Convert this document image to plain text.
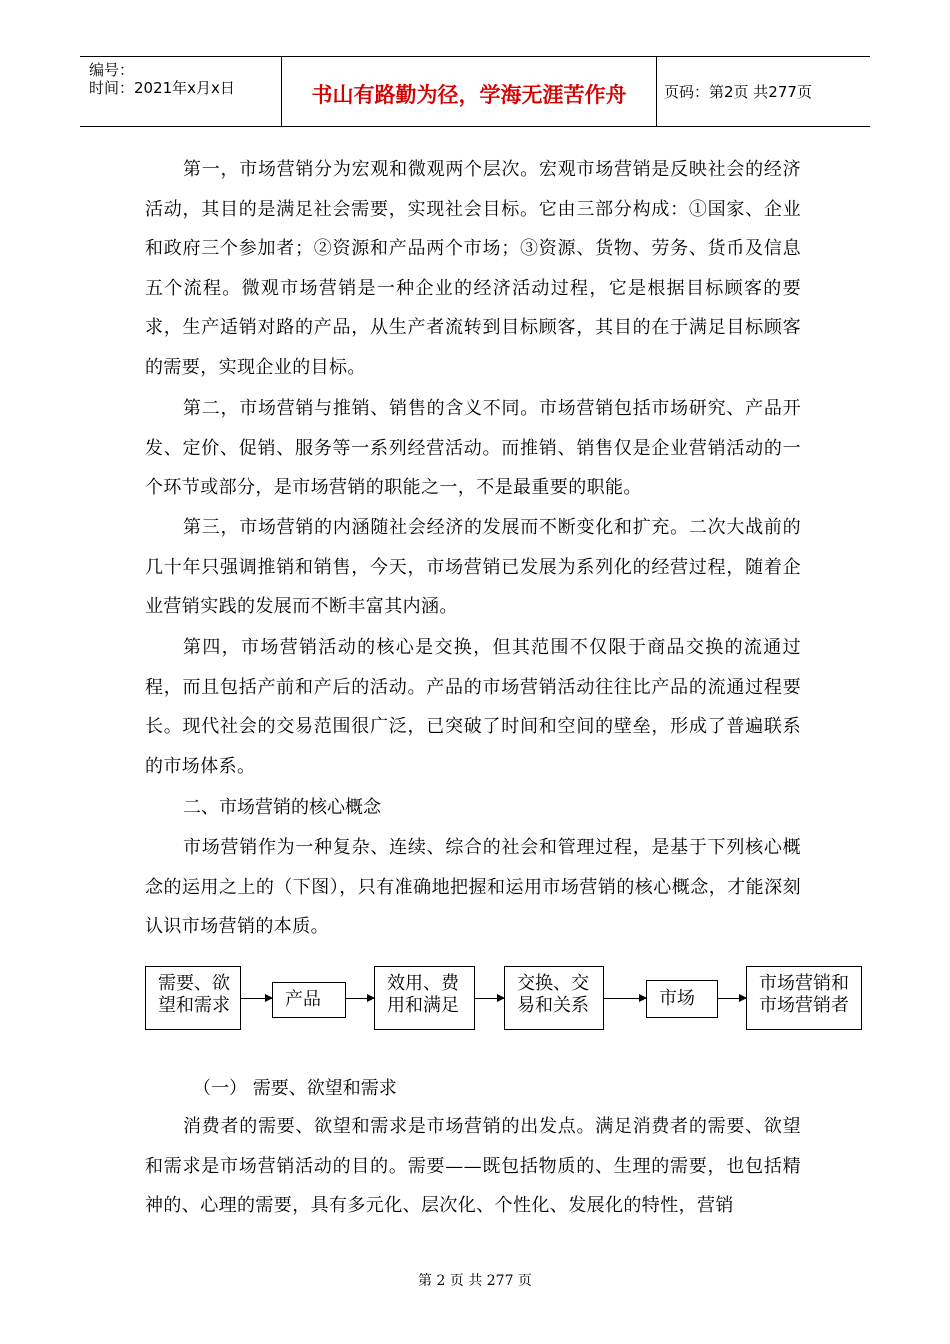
编号：
时间：2021年x月x日	书山有路勤为径，学海无涯苦作舟	页码：第2页 共277页

第一，市场营销分为宏观和微观两个层次。宏观市场营销是反映社会的经济活动，其目的是满足社会需要，实现社会目标。它由三部分构成：①国家、企业和政府三个参加者；②资源和产品两个市场；③资源、货物、劳务、货币及信息五个流程。微观市场营销是一种企业的经济活动过程，它是根据目标顾客的要求，生产适销对路的产品，从生产者流转到目标顾客，其目的在于满足目标顾客的需要，实现企业的目标。

第二，市场营销与推销、销售的含义不同。市场营销包括市场研究、产品开发、定价、促销、服务等一系列经营活动。而推销、销售仅是企业营销活动的一个环节或部分，是市场营销的职能之一，不是最重要的职能。

第三，市场营销的内涵随社会经济的发展而不断变化和扩充。二次大战前的几十年只强调推销和销售，今天，市场营销已发展为系列化的经营过程，随着企业营销实践的发展而不断丰富其内涵。

第四，市场营销活动的核心是交换，但其范围不仅限于商品交换的流通过程，而且包括产前和产后的活动。产品的市场营销活动往往比产品的流通过程要长。现代社会的交易范围很广泛，已突破了时间和空间的壁垒，形成了普遍联系的市场体系。

二、市场营销的核心概念

市场营销作为一种复杂、连续、综合的社会和管理过程，是基于下列核心概念的运用之上的（下图），只有准确地把握和运用市场营销的核心概念，才能深刻认识市场营销的本质。

需要、欲望和需求	产品
效用、费用和满足
交换、交易和关系	市场
市场营销和市场营销者
（一） 需要、欲望和需求

消费者的需要、欲望和需求是市场营销的出发点。满足消费者的需要、欲望和需求是市场营销活动的目的。需要——既包括物质的、生理的需要，也包括精神的、心理的需要，具有多元化、层次化、个性化、发展化的特性，营销

第 2 页 共 277 页
